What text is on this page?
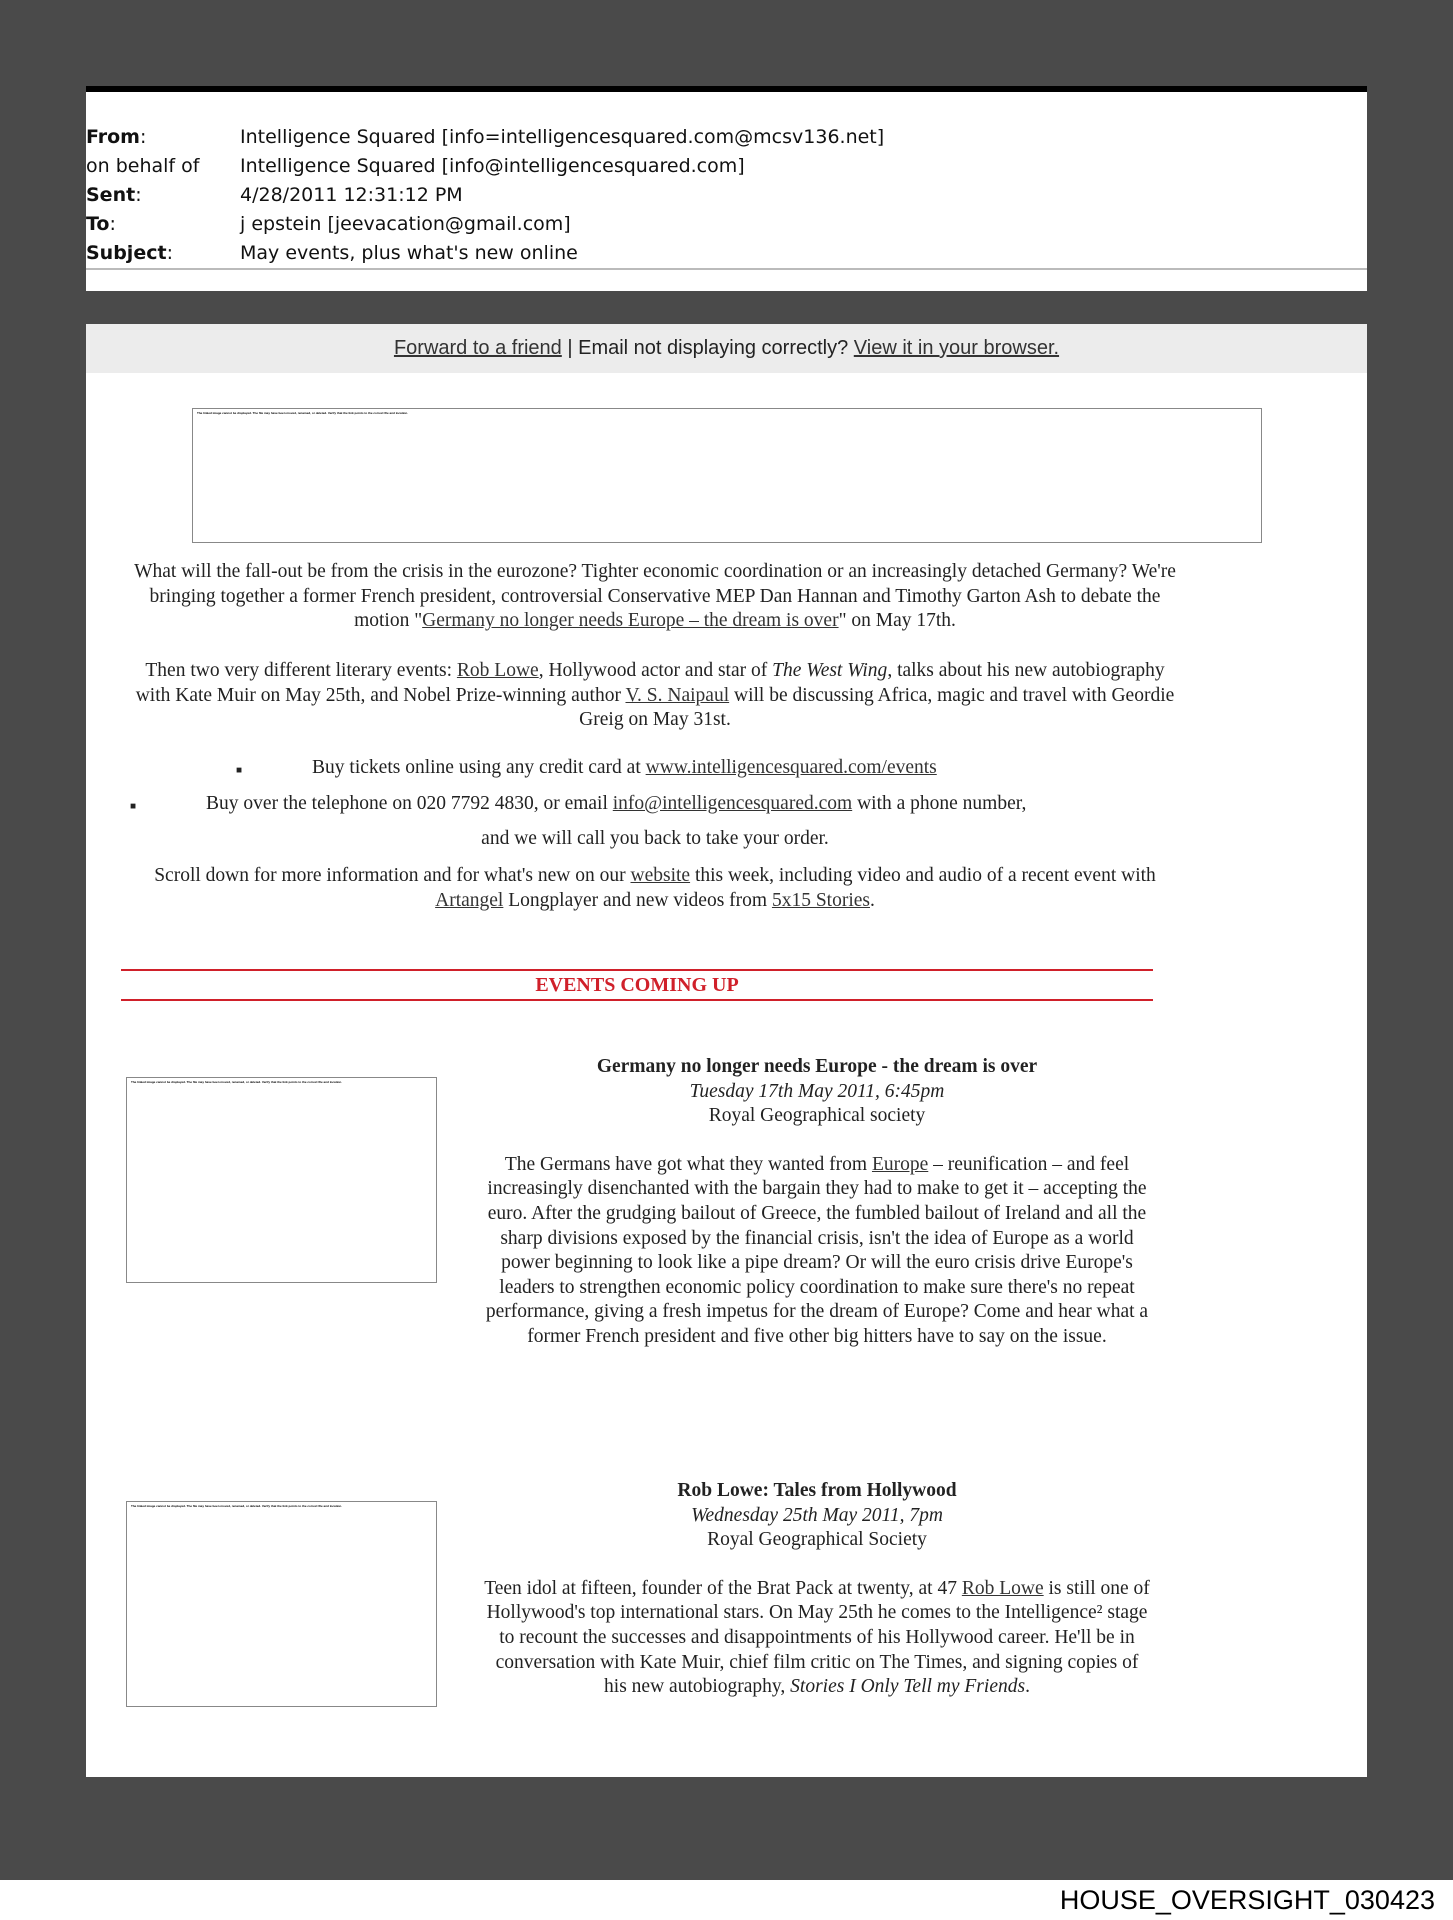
From:	Intelligence Squared [info=intelligencesquared.com@mcsv136.net]
on behalf of	Intelligence Squared [info@intelligencesquared.com]
Sent:	4/28/2011 12:31:12 PM
To:	j epstein [jeevacation@gmail.com]
Subject:	May events, plus what's new online
Forward to a friend | Email not displaying correctly? View it in your browser.
The linked image cannot be displayed. The file may have been moved, renamed, or deleted. Verify that the link points to the correct file and location.
What will the fall-out be from the crisis in the eurozone? Tighter economic coordination or an increasingly detached Germany? We're bringing together a former French president, controversial Conservative MEP Dan Hannan and Timothy Garton Ash to debate the motion "Germany no longer needs Europe – the dream is over" on May 17th.
Then two very different literary events: Rob Lowe, Hollywood actor and star of The West Wing, talks about his new autobiography with Kate Muir on May 25th, and Nobel Prize-winning author V. S. Naipaul will be discussing Africa, magic and travel with Geordie Greig on May 31st.
■	Buy tickets online using any credit card at www.intelligencesquared.com/events
■	Buy over the telephone on 020 7792 4830, or email info@intelligencesquared.com with a phone number,
and we will call you back to take your order.
Scroll down for more information and for what's new on our website this week, including video and audio of a recent event with Artangel Longplayer and new videos from 5x15 Stories.
EVENTS COMING UP
The linked image cannot be displayed. The file may have been moved, renamed, or deleted. Verify that the link points to the correct file and location.
Germany no longer needs Europe - the dream is over
Tuesday 17th May 2011, 6:45pm
Royal Geographical society
The Germans have got what they wanted from Europe – reunification – and feel increasingly disenchanted with the bargain they had to make to get it – accepting the euro. After the grudging bailout of Greece, the fumbled bailout of Ireland and all the sharp divisions exposed by the financial crisis, isn't the idea of Europe as a world power beginning to look like a pipe dream? Or will the euro crisis drive Europe's leaders to strengthen economic policy coordination to make sure there's no repeat performance, giving a fresh impetus for the dream of Europe? Come and hear what a former French president and five other big hitters have to say on the issue.
The linked image cannot be displayed. The file may have been moved, renamed, or deleted. Verify that the link points to the correct file and location.
Rob Lowe: Tales from Hollywood
Wednesday 25th May 2011, 7pm
Royal Geographical Society
Teen idol at fifteen, founder of the Brat Pack at twenty, at 47 Rob Lowe is still one of Hollywood's top international stars. On May 25th he comes to the Intelligence² stage to recount the successes and disappointments of his Hollywood career. He'll be in conversation with Kate Muir, chief film critic on The Times, and signing copies of his new autobiography, Stories I Only Tell my Friends.
HOUSE_OVERSIGHT_030423
